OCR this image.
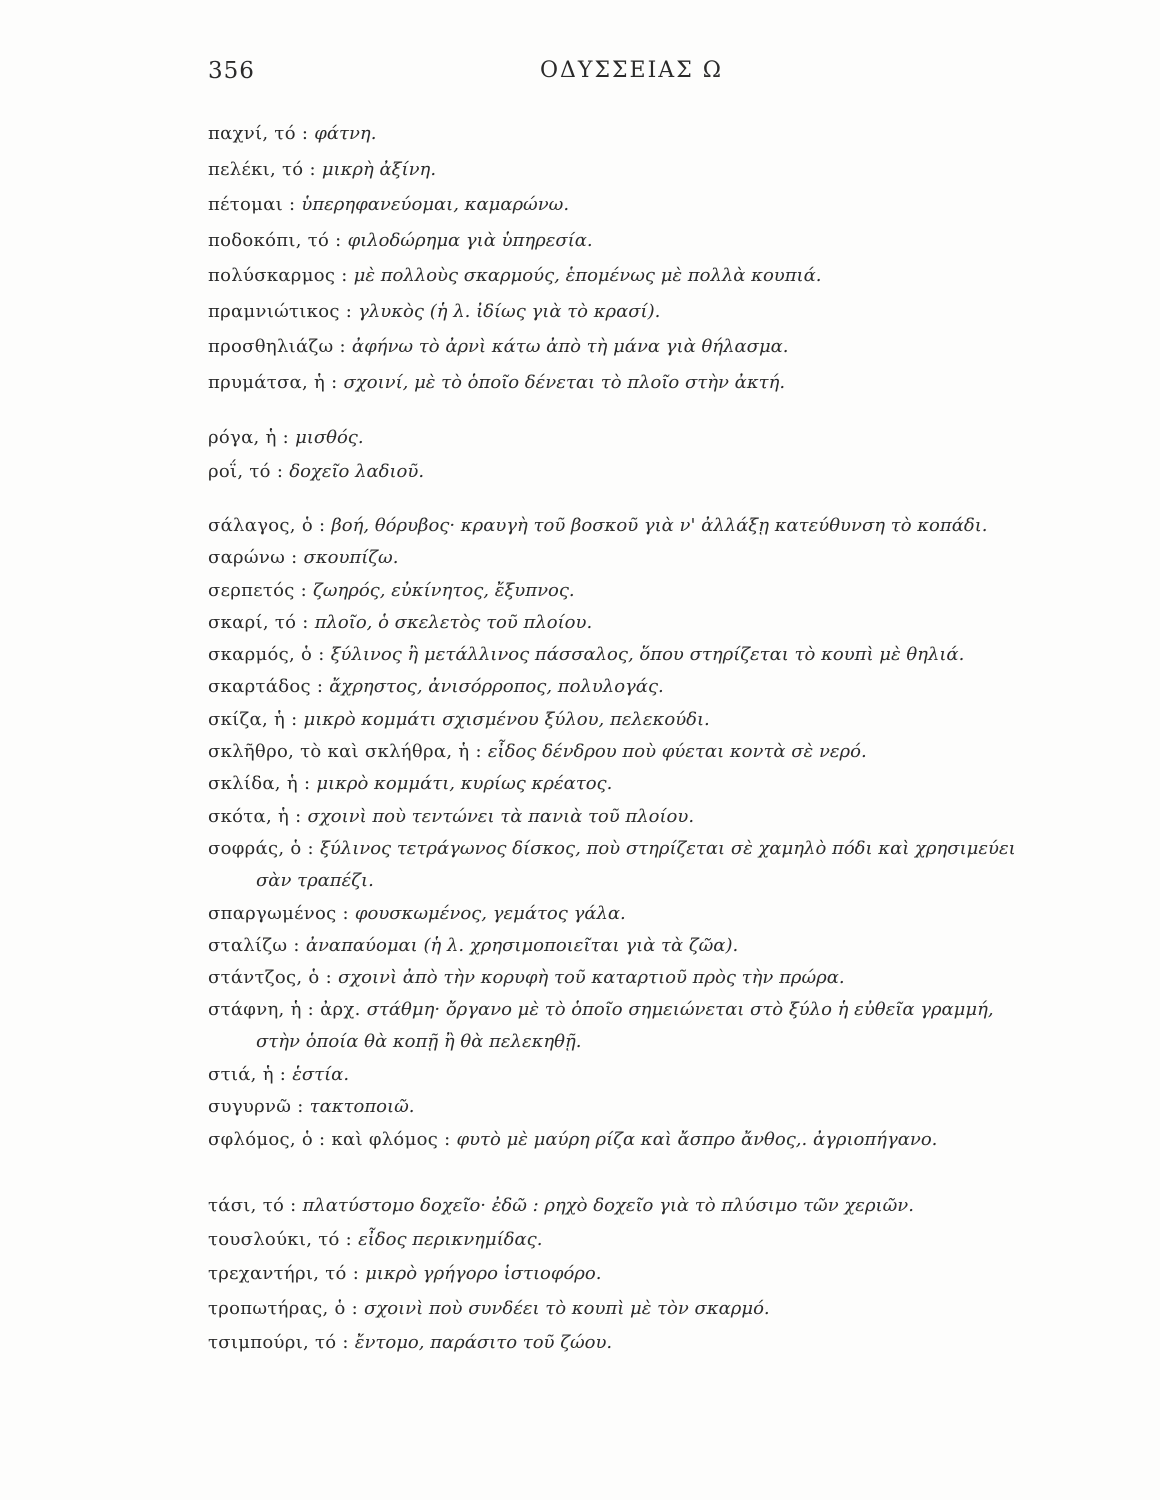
356	ΟΔΥΣΣΕΙΑΣ Ω
παχνί, τό : φάτνη.
πελέκι, τό : μικρὴ ἀξίνη.
πέτομαι : ὑπερηφανεύομαι, καμαρώνω.
ποδοκόπι, τό : φιλοδώρημα γιὰ ὑπηρεσία.
πολύσκαρμος : μὲ πολλοὺς σκαρμούς, ἑπομένως μὲ πολλὰ κουπιά.
πραμνιώτικος : γλυκὸς (ἡ λ. ἰδίως γιὰ τὸ κρασί).
προσθηλιάζω : ἀφήνω τὸ ἀρνὶ κάτω ἀπὸ τὴ μάνα γιὰ θήλασμα.
πρυμάτσα, ἡ : σχοινί, μὲ τὸ ὁποῖο δένεται τὸ πλοῖο στὴν ἀκτή.
ρόγα, ἡ : μισθός.
ροΐ, τό : δοχεῖο λαδιοῦ.
σάλαγος, ὁ : βοή, θόρυβος· κραυγὴ τοῦ βοσκοῦ γιὰ ν' ἀλλάξῃ κατεύθυνση τὸ κοπάδι.
σαρώνω : σκουπίζω.
σερπετός : ζωηρός, εὐκίνητος, ἔξυπνος.
σκαρί, τό : πλοῖο, ὁ σκελετὸς τοῦ πλοίου.
σκαρμός, ὁ : ξύλινος ἢ μετάλλινος πάσσαλος, ὅπου στηρίζεται τὸ κουπὶ μὲ θηλιά.
σκαρτάδος : ἄχρηστος, ἀνισόρροπος, πολυλογάς.
σκίζα, ἡ : μικρὸ κομμάτι σχισμένου ξύλου, πελεκούδι.
σκλῆθρο, τὸ καὶ σκλήθρα, ἡ : εἶδος δένδρου ποὺ φύεται κοντὰ σὲ νερό.
σκλίδα, ἡ : μικρὸ κομμάτι, κυρίως κρέατος.
σκότα, ἡ : σχοινὶ ποὺ τεντώνει τὰ πανιὰ τοῦ πλοίου.
σοφράς, ὁ : ξύλινος τετράγωνος δίσκος, ποὺ στηρίζεται σὲ χαμηλὸ πόδι καὶ χρησιμεύει
σὰν τραπέζι.
σπαργωμένος : φουσκωμένος, γεμάτος γάλα.
σταλίζω : ἀναπαύομαι (ἡ λ. χρησιμοποιεῖται γιὰ τὰ ζῶα).
στάντζος, ὁ : σχοινὶ ἀπὸ τὴν κορυφὴ τοῦ καταρτιοῦ πρὸς τὴν πρώρα.
στάφνη, ἡ : ἀρχ. στάθμη· ὄργανο μὲ τὸ ὁποῖο σημειώνεται στὸ ξύλο ἡ εὐθεῖα γραμμή,
στὴν ὁποία θὰ κοπῇ ἢ θὰ πελεκηθῇ.
στιά, ἡ : ἑστία.
συγυρνῶ : τακτοποιῶ.
σφλόμος, ὁ : καὶ φλόμος : φυτὸ μὲ μαύρη ρίζα καὶ ἄσπρο ἄνθος,. ἀγριοπήγανο.
τάσι, τό : πλατύστομο δοχεῖο· ἐδῶ : ρηχὸ δοχεῖο γιὰ τὸ πλύσιμο τῶν χεριῶν.
τουσλούκι, τό : εἶδος περικνημίδας.
τρεχαντήρι, τό : μικρὸ γρήγορο ἱστιοφόρο.
τροπωτήρας, ὁ : σχοινὶ ποὺ συνδέει τὸ κουπὶ μὲ τὸν σκαρμό.
τσιμπούρι, τό : ἔντομο, παράσιτο τοῦ ζώου.
